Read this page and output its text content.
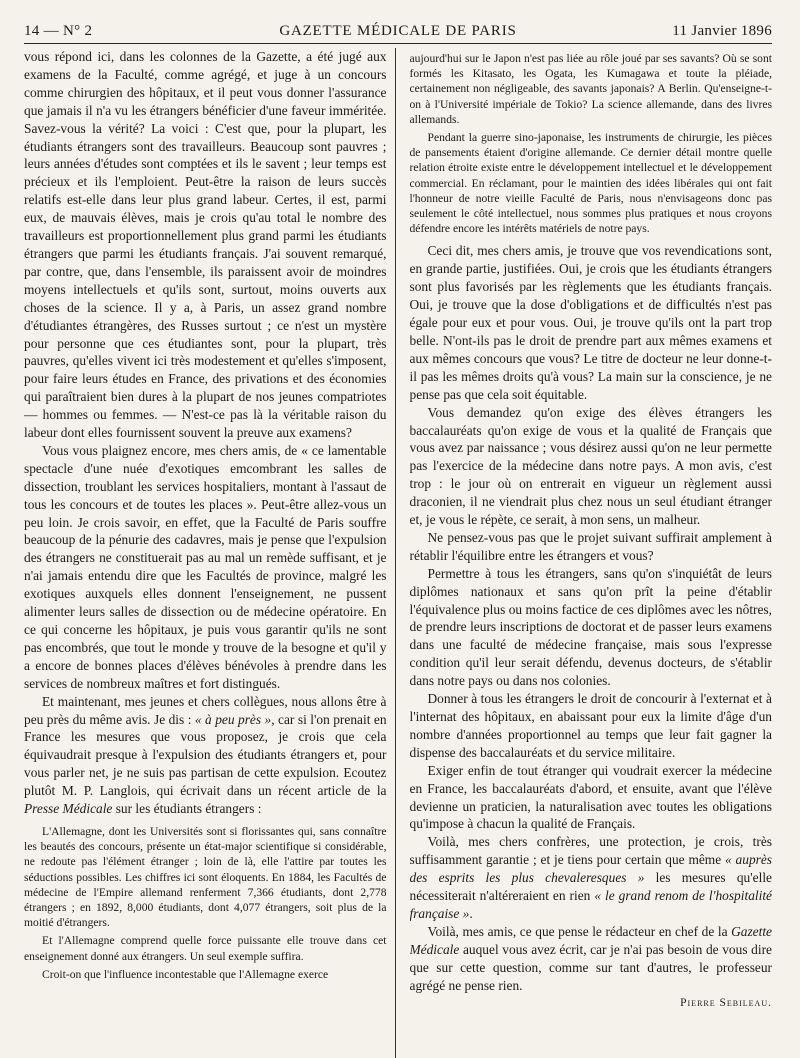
14 — N° 2	GAZETTE MÉDICALE DE PARIS	11 Janvier 1896

vous répond ici, dans les colonnes de la Gazette, a été jugé aux examens de la Faculté, comme agrégé, et juge à un concours comme chirurgien des hôpitaux, et il peut vous donner l'assurance que jamais il n'a vu les étrangers bénéficier d'une faveur imméritée. Savez-vous la vérité? La voici : C'est que, pour la plupart, les étudiants étrangers sont des travailleurs. Beaucoup sont pauvres ; leurs années d'études sont comptées et ils le savent ; leur temps est précieux et ils l'emploient. Peut-être la raison de leurs succès relatifs est-elle dans leur plus grand labeur. Certes, il est, parmi eux, de mauvais élèves, mais je crois qu'au total le nombre des travailleurs est proportionnellement plus grand parmi les étudiants étrangers que parmi les étudiants français. J'ai souvent remarqué, par contre, que, dans l'ensemble, ils paraissent avoir de moindres moyens intellectuels et qu'ils sont, surtout, moins ouverts aux choses de la science. Il y a, à Paris, un assez grand nombre d'étudiantes étrangères, des Russes surtout ; ce n'est un mystère pour personne que ces étudiantes sont, pour la plupart, très pauvres, qu'elles vivent ici très modestement et qu'elles s'imposent, pour faire leurs études en France, des privations et des économies qui paraîtraient bien dures à la plupart de nos jeunes compatriotes — hommes ou femmes. — N'est-ce pas là la véritable raison du labeur dont elles fournissent souvent la preuve aux examens?

Vous vous plaignez encore, mes chers amis, de « ce lamentable spectacle d'une nuée d'exotiques emcombrant les salles de dissection, troublant les services hospitaliers, montant à l'assaut de tous les concours et de toutes les places ». Peut-être allez-vous un peu loin. Je crois savoir, en effet, que la Faculté de Paris souffre beaucoup de la pénurie des cadavres, mais je pense que l'expulsion des étrangers ne constituerait pas au mal un remède suffisant, et je n'ai jamais entendu dire que les Facultés de province, malgré les exotiques auxquels elles donnent l'enseignement, ne pussent alimenter leurs salles de dissection ou de médecine opératoire. En ce qui concerne les hôpitaux, je puis vous garantir qu'ils ne sont pas encombrés, que tout le monde y trouve de la besogne et qu'il y a encore de bonnes places d'élèves bénévoles à prendre dans les services de nombreux maîtres et fort distingués.

Et maintenant, mes jeunes et chers collègues, nous allons être à peu près du même avis. Je dis : « à peu près », car si l'on prenait en France les mesures que vous proposez, je crois que cela équivaudrait presque à l'expulsion des étudiants étrangers et, pour vous parler net, je ne suis pas partisan de cette expulsion. Ecoutez plutôt M. P. Langlois, qui écrivait dans un récent article de la Presse Médicale sur les étudiants étrangers :

L'Allemagne, dont les Universités sont si florissantes qui, sans connaître les beautés des concours, présente un état-major scientifique si considérable, ne redoute pas l'élément étranger ; loin de là, elle l'attire par toutes les séductions possibles. Les chiffres ici sont éloquents. En 1884, les Facultés de médecine de l'Empire allemand renferment 7,366 étudiants, dont 2,778 étrangers ; en 1892, 8,000 étudiants, dont 4,077 étrangers, soit plus de la moitié d'étrangers.

Et l'Allemagne comprend quelle force puissante elle trouve dans cet enseignement donné aux étrangers. Un seul exemple suffira.

Croit-on que l'influence incontestable que l'Allemagne exerce

aujourd'hui sur le Japon n'est pas liée au rôle joué par ses savants? Où se sont formés les Kitasato, les Ogata, les Kumagawa et toute la pléiade, certainement non négligeable, des savants japonais? A Berlin. Qu'enseigne-t-on à l'Université impériale de Tokio? La science allemande, dans des livres allemands.

Pendant la guerre sino-japonaise, les instruments de chirurgie, les pièces de pansements étaient d'origine allemande. Ce dernier détail montre quelle relation étroite existe entre le développement intellectuel et le développement commercial. En réclamant, pour le maintien des idées libérales qui ont fait l'honneur de notre vieille Faculté de Paris, nous n'envisageons donc pas seulement le côté intellectuel, nous sommes plus pratiques et nous croyons défendre encore les intérêts matériels de notre pays.

Ceci dit, mes chers amis, je trouve que vos revendications sont, en grande partie, justifiées. Oui, je crois que les étudiants étrangers sont plus favorisés par les règlements que les étudiants français. Oui, je trouve que la dose d'obligations et de difficultés n'est pas égale pour eux et pour vous. Oui, je trouve qu'ils ont la part trop belle. N'ont-ils pas le droit de prendre part aux mêmes examens et aux mêmes concours que vous? Le titre de docteur ne leur donne-t-il pas les mêmes droits qu'à vous? La main sur la conscience, je ne pense pas que cela soit équitable.

Vous demandez qu'on exige des élèves étrangers les baccalauréats qu'on exige de vous et la qualité de Français que vous avez par naissance ; vous désirez aussi qu'on ne leur permette pas l'exercice de la médecine dans notre pays. A mon avis, c'est trop : le jour où on entrerait en vigueur un règlement aussi draconien, il ne viendrait plus chez nous un seul étudiant étranger et, je vous le répète, ce serait, à mon sens, un malheur.

Ne pensez-vous pas que le projet suivant suffirait amplement à rétablir l'équilibre entre les étrangers et vous?

Permettre à tous les étrangers, sans qu'on s'inquiétât de leurs diplômes nationaux et sans qu'on prît la peine d'établir l'équivalence plus ou moins factice de ces diplômes avec les nôtres, de prendre leurs inscriptions de doctorat et de passer leurs examens dans une faculté de médecine française, mais sous l'expresse condition qu'il leur serait défendu, devenus docteurs, de s'établir dans notre pays ou dans nos colonies.

Donner à tous les étrangers le droit de concourir à l'externat et à l'internat des hôpitaux, en abaissant pour eux la limite d'âge d'un nombre d'années proportionnel au temps que leur fait gagner la dispense des baccalauréats et du service militaire.

Exiger enfin de tout étranger qui voudrait exercer la médecine en France, les baccalauréats d'abord, et ensuite, avant que l'élève devienne un praticien, la naturalisation avec toutes les obligations qu'impose à chacun la qualité de Français.

Voilà, mes chers confrères, une protection, je crois, très suffisamment garantie ; et je tiens pour certain que même « auprès des esprits les plus chevaleresques » les mesures qu'elle nécessiterait n'altéreraient en rien « le grand renom de l'hospitalité française ».

Voilà, mes amis, ce que pense le rédacteur en chef de la Gazette Médicale auquel vous avez écrit, car je n'ai pas besoin de vous dire que sur cette question, comme sur tant d'autres, le professeur agrégé ne pense rien.

Pierre Sebileau.
